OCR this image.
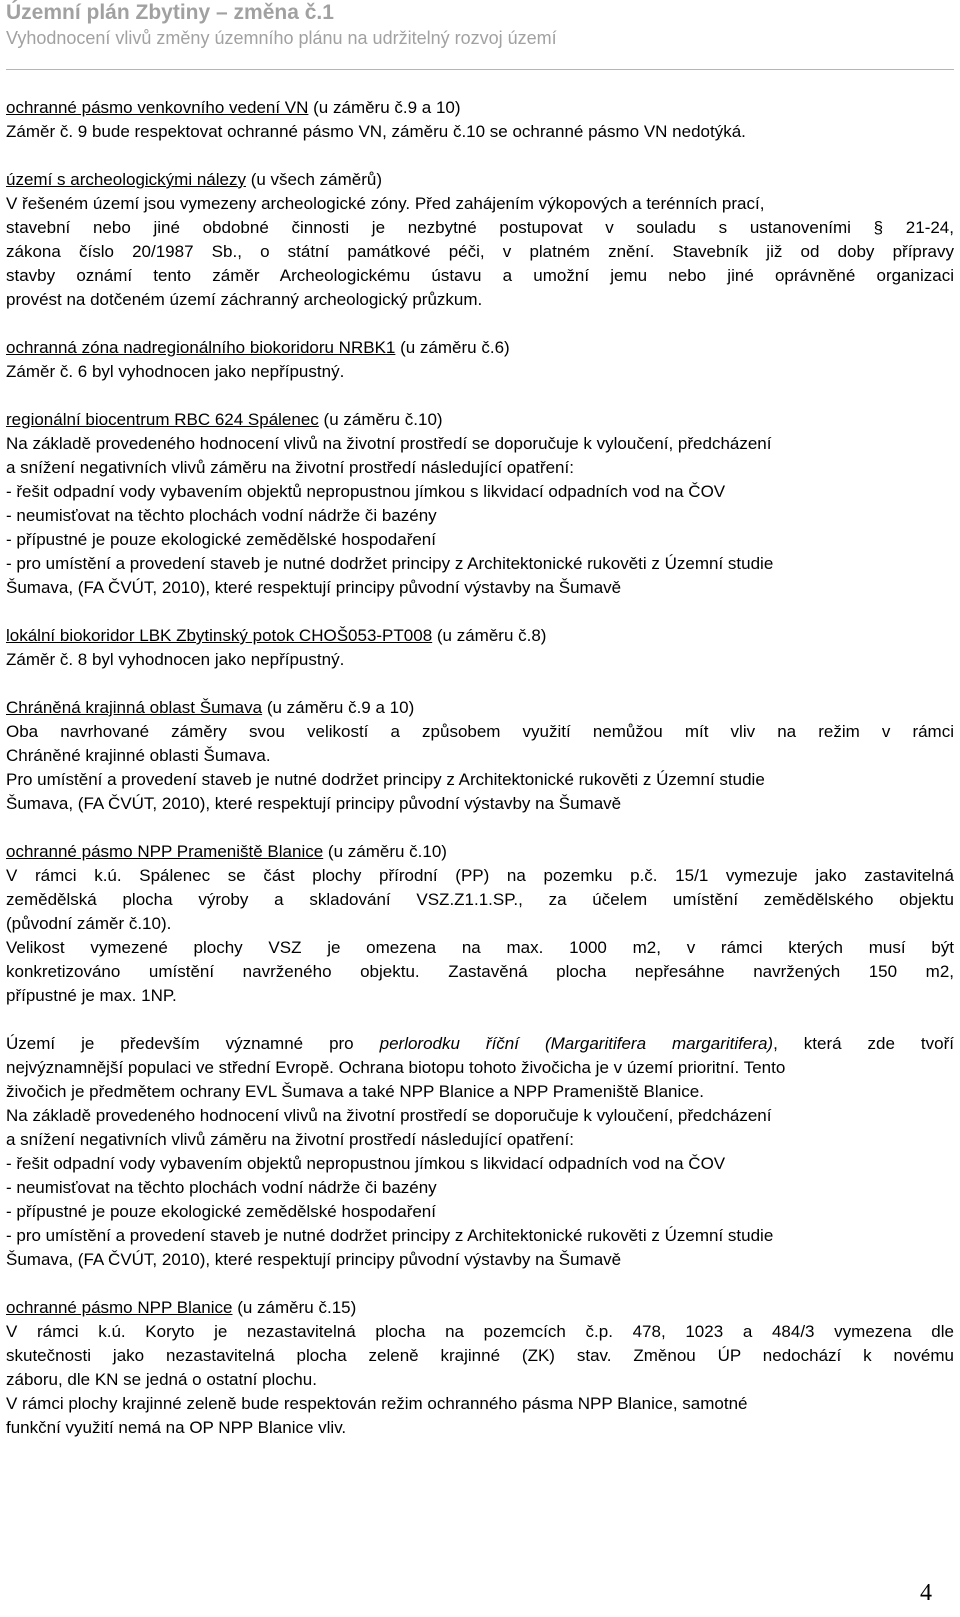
Územní plán Zbytiny – změna č.1
Vyhodnocení vlivů změny územního plánu na udržitelný rozvoj území
ochranné pásmo venkovního vedení VN (u záměru č.9 a 10)
Záměr č. 9 bude respektovat ochranné pásmo VN, záměru č.10 se ochranné pásmo VN nedotýká.
území s archeologickými nálezy (u všech záměrů)
V řešeném území jsou vymezeny archeologické zóny. Před zahájením výkopových a terénních prací,
stavební nebo jiné obdobné činnosti je nezbytné postupovat v souladu s ustanoveními § 21-24,
zákona číslo 20/1987 Sb., o státní památkové péči, v platném znění. Stavebník již od doby přípravy
stavby oznámí tento záměr Archeologickému ústavu a umožní jemu nebo jiné oprávněné organizaci
provést na dotčeném území záchranný archeologický průzkum.
ochranná zóna nadregionálního biokoridoru NRBK1 (u záměru č.6)
Záměr č. 6 byl vyhodnocen jako nepřípustný.
regionální biocentrum RBC 624 Spálenec (u záměru č.10)
Na základě provedeného hodnocení vlivů na životní prostředí se doporučuje k vyloučení, předcházení
a snížení negativních vlivů záměru na životní prostředí následující opatření:
- řešit odpadní vody vybavením objektů nepropustnou jímkou s likvidací odpadních vod na ČOV
- neumisťovat na těchto plochách vodní nádrže či bazény
- přípustné je pouze ekologické zemědělské hospodaření
- pro umístění a provedení staveb je nutné dodržet principy z Architektonické rukověti z Územní studie
Šumava, (FA ČVÚT, 2010), které respektují principy původní výstavby na Šumavě
lokální biokoridor LBK Zbytinský potok CHOŠ053-PT008 (u záměru č.8)
Záměr č. 8 byl vyhodnocen jako nepřípustný.
Chráněná krajinná oblast Šumava (u záměru č.9 a 10)
Oba navrhované záměry svou velikostí a způsobem využití nemůžou mít vliv na režim v rámci
Chráněné krajinné oblasti Šumava.
Pro umístění a provedení staveb je nutné dodržet principy z Architektonické rukověti z Územní studie
Šumava, (FA ČVÚT, 2010), které respektují principy původní výstavby na Šumavě
ochranné pásmo NPP Prameniště Blanice (u záměru č.10)
V rámci k.ú. Spálenec se část plochy přírodní (PP) na pozemku p.č. 15/1 vymezuje jako zastavitelná
zemědělská plocha výroby a skladování VSZ.Z1.1.SP., za účelem umístění zemědělského objektu
(původní záměr č.10).
Velikost vymezené plochy VSZ je omezena na max. 1000 m2, v rámci kterých musí být
konkretizováno umístění navrženého objektu. Zastavěná plocha nepřesáhne navržených 150 m2,
přípustné je max. 1NP.
Území je především významné pro perlorodku říční (Margaritifera margaritifera), která zde tvoří
nejvýznamnější populaci ve střední Evropě. Ochrana biotopu tohoto živočicha je v území prioritní. Tento
živočich je předmětem ochrany EVL Šumava a také NPP Blanice a NPP Prameniště Blanice.
Na základě provedeného hodnocení vlivů na životní prostředí se doporučuje k vyloučení, předcházení
a snížení negativních vlivů záměru na životní prostředí následující opatření:
- řešit odpadní vody vybavením objektů nepropustnou jímkou s likvidací odpadních vod na ČOV
- neumisťovat na těchto plochách vodní nádrže či bazény
- přípustné je pouze ekologické zemědělské hospodaření
- pro umístění a provedení staveb je nutné dodržet principy z Architektonické rukověti z Územní studie
Šumava, (FA ČVÚT, 2010), které respektují principy původní výstavby na Šumavě
ochranné pásmo NPP Blanice (u záměru č.15)
V rámci k.ú. Koryto je nezastavitelná plocha na pozemcích č.p. 478, 1023 a 484/3 vymezena dle
skutečnosti jako nezastavitelná plocha zeleně krajinné (ZK) stav. Změnou ÚP nedochází k novému
záboru, dle KN se jedná o ostatní plochu.
V rámci plochy krajinné zeleně bude respektován režim ochranného pásma NPP Blanice, samotné
funkční využití nemá na OP NPP Blanice vliv.
4
